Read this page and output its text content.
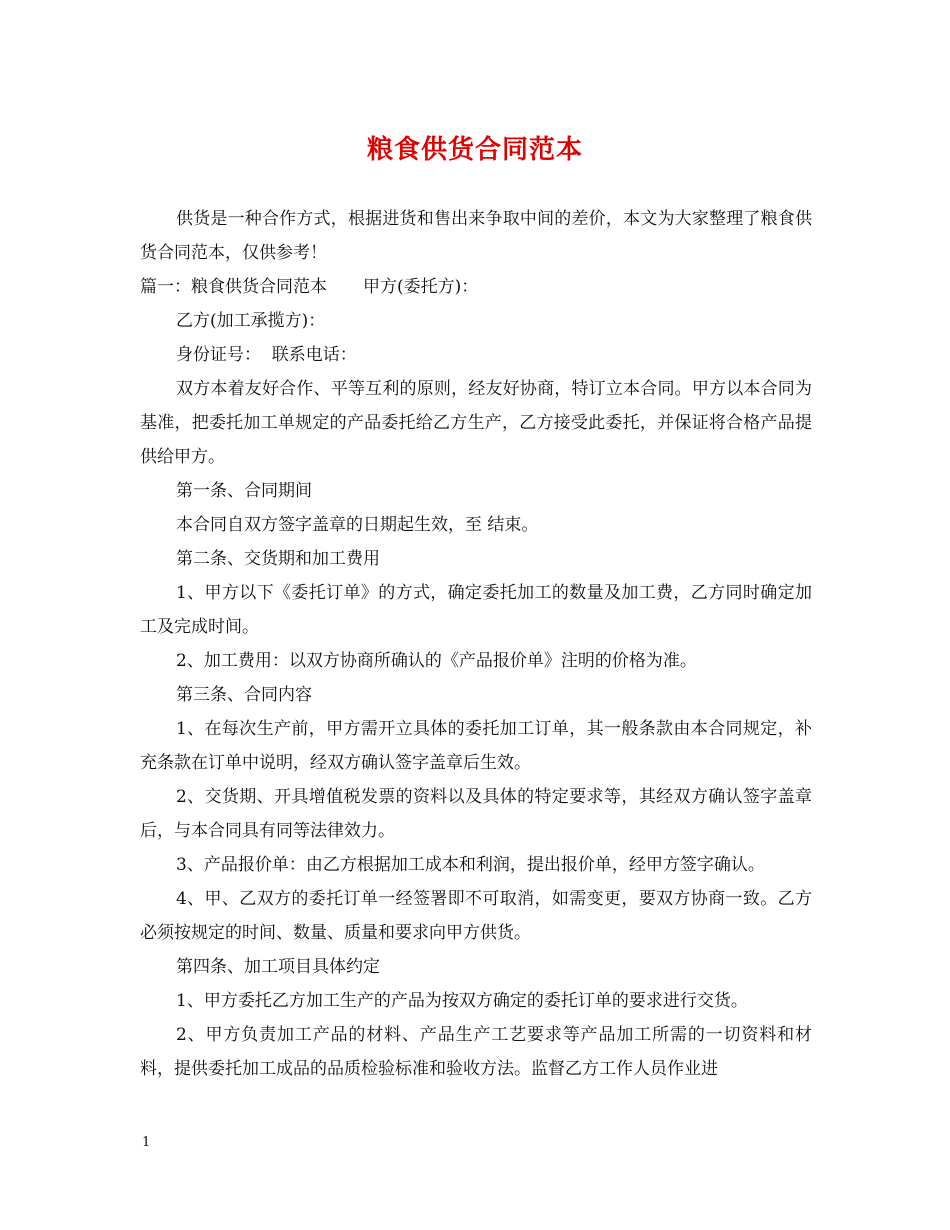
粮食供货合同范本

供货是一种合作方式，根据进货和售出来争取中间的差价，本文为大家整理了粮食供货合同范本，仅供参考！

篇一：粮食供货合同范本 甲方(委托方)：

乙方(加工承揽方)：

身份证号：  联系电话：

双方本着友好合作、平等互利的原则，经友好协商，特订立本合同。甲方以本合同为基准，把委托加工单规定的产品委托给乙方生产，乙方接受此委托，并保证将合格产品提供给甲方。

第一条、合同期间

本合同自双方签字盖章的日期起生效，至 结束。

第二条、交货期和加工费用

1、甲方以下《委托订单》的方式，确定委托加工的数量及加工费，乙方同时确定加工及完成时间。

2、加工费用：以双方协商所确认的《产品报价单》注明的价格为准。

第三条、合同内容

1、在每次生产前，甲方需开立具体的委托加工订单，其一般条款由本合同规定，补充条款在订单中说明，经双方确认签字盖章后生效。

2、交货期、开具增值税发票的资料以及具体的特定要求等，其经双方确认签字盖章后，与本合同具有同等法律效力。

3、产品报价单：由乙方根据加工成本和利润，提出报价单，经甲方签字确认。

4、甲、乙双方的委托订单一经签署即不可取消，如需变更，要双方协商一致。乙方必须按规定的时间、数量、质量和要求向甲方供货。

第四条、加工项目具体约定

1、甲方委托乙方加工生产的产品为按双方确定的委托订单的要求进行交货。

2、甲方负责加工产品的材料、产品生产工艺要求等产品加工所需的一切资料和材料，提供委托加工成品的品质检验标准和验收方法。监督乙方工作人员作业进

1
